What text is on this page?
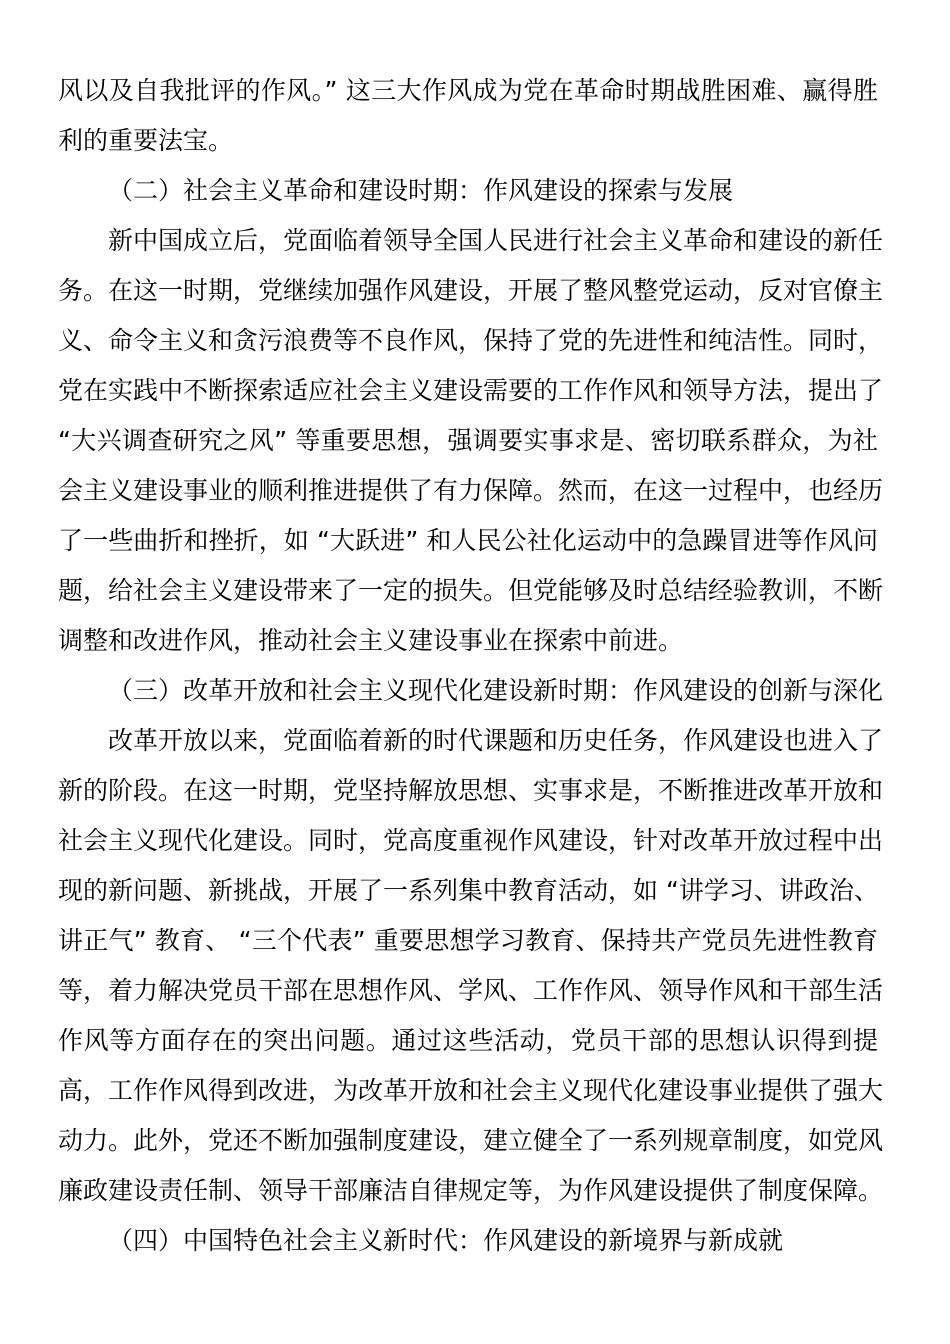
风以及自我批评的作风。” 这三大作风成为党在革命时期战胜困难、赢得胜
利的重要法宝。
（二）社会主义革命和建设时期：作风建设的探索与发展
新中国成立后，党面临着领导全国人民进行社会主义革命和建设的新任
务。在这一时期，党继续加强作风建设，开展了整风整党运动，反对官僚主
义、命令主义和贪污浪费等不良作风，保持了党的先进性和纯洁性。同时，
党在实践中不断探索适应社会主义建设需要的工作作风和领导方法，提出了
“大兴调查研究之风” 等重要思想，强调要实事求是、密切联系群众，为社
会主义建设事业的顺利推进提供了有力保障。然而，在这一过程中，也经历
了一些曲折和挫折，如 “大跃进” 和人民公社化运动中的急躁冒进等作风问
题，给社会主义建设带来了一定的损失。但党能够及时总结经验教训，不断
调整和改进作风，推动社会主义建设事业在探索中前进。
（三）改革开放和社会主义现代化建设新时期：作风建设的创新与深化
改革开放以来，党面临着新的时代课题和历史任务，作风建设也进入了
新的阶段。在这一时期，党坚持解放思想、实事求是，不断推进改革开放和
社会主义现代化建设。同时，党高度重视作风建设，针对改革开放过程中出
现的新问题、新挑战，开展了一系列集中教育活动，如 “讲学习、讲政治、
讲正气” 教育、 “三个代表” 重要思想学习教育、保持共产党员先进性教育
等，着力解决党员干部在思想作风、学风、工作作风、领导作风和干部生活
作风等方面存在的突出问题。通过这些活动，党员干部的思想认识得到提
高，工作作风得到改进，为改革开放和社会主义现代化建设事业提供了强大
动力。此外，党还不断加强制度建设，建立健全了一系列规章制度，如党风
廉政建设责任制、领导干部廉洁自律规定等，为作风建设提供了制度保障。
（四）中国特色社会主义新时代：作风建设的新境界与新成就
